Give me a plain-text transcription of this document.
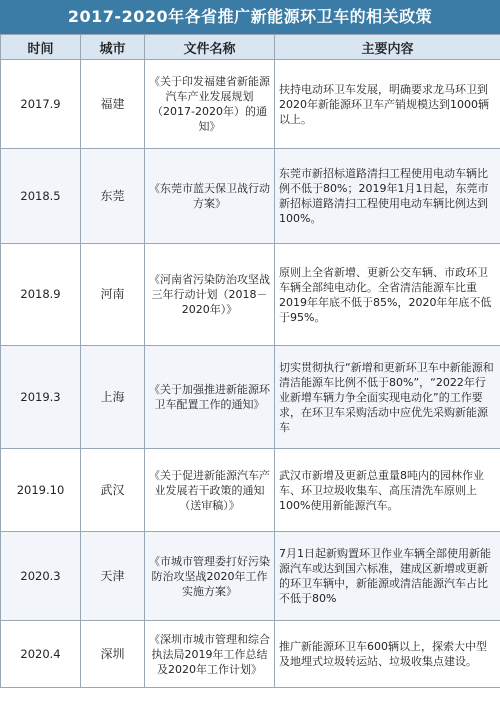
2017-2020年各省推广新能源环卫车的相关政策
时间	城市	文件名称	主要内容
2017.9	福建	《关于印发福建省新能源汽车产业发展规划（2017-2020年）的通知》	扶持电动环卫车发展，明确要求龙马环卫到2020年新能源环卫车产销规模达到1000辆以上。
2018.5	东莞	《东莞市蓝天保卫战行动方案》	东莞市新招标道路清扫工程使用电动车辆比例不低于80%；2019年1月1日起，东莞市新招标道路清扫工程使用电动车辆比例达到100%。
2018.9	河南	《河南省污染防治攻坚战三年行动计划（2018－2020年）》	原则上全省新增、更新公交车辆、市政环卫车辆全部纯电动化。全省清洁能源车比重2019年年底不低于85%，2020年年底不低于95%。
2019.3	上海	《关于加强推进新能源环卫车配置工作的通知》	切实贯彻执行“新增和更新环卫车中新能源和清洁能源车比例不低于80%”，“2022年行业新增车辆力争全面实现电动化”的工作要求，在环卫车采购活动中应优先采购新能源车
2019.10	武汉	《关于促进新能源汽车产业发展若干政策的通知（送审稿）》	武汉市新增及更新总重量8吨内的园林作业车、环卫垃圾收集车、高压清洗车原则上100%使用新能源汽车。
2020.3	天津	《市城市管理委打好污染防治攻坚战2020年工作实施方案》	7月1日起新购置环卫作业车辆全部使用新能源汽车或达到国六标准，建成区新增或更新的环卫车辆中，新能源或清洁能源汽车占比不低于80%
2020.4	深圳	《深圳市城市管理和综合执法局2019年工作总结及2020年工作计划》	推广新能源环卫车600辆以上，探索大中型及地埋式垃圾转运站、垃圾收集点建设。
